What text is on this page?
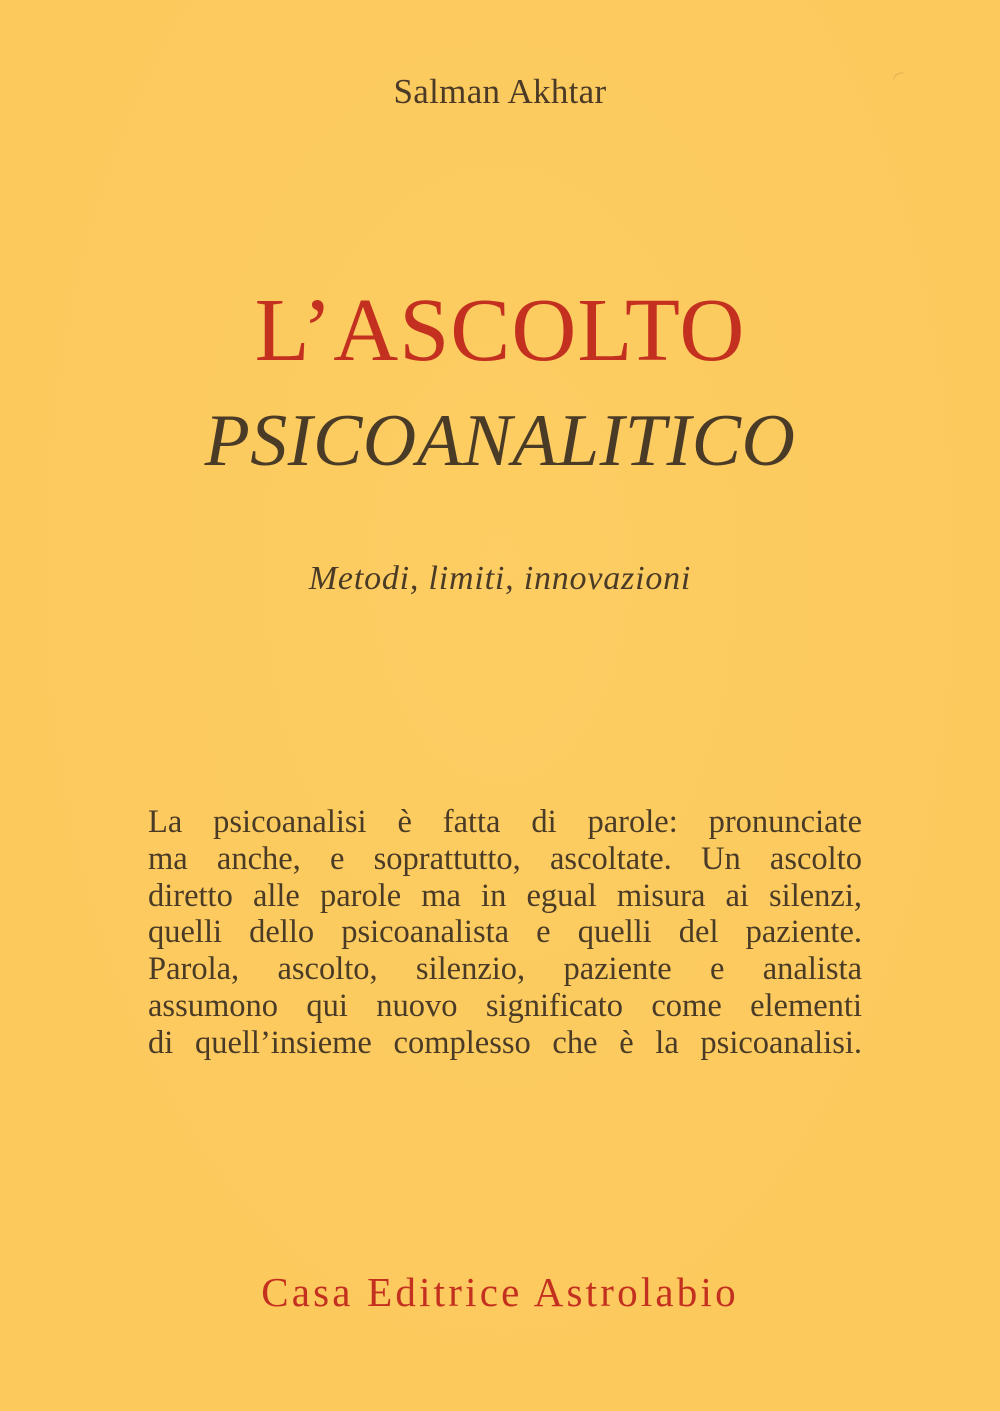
Salman Akhtar
L’ASCOLTO
PSICOANALITICO
Metodi, limiti, innovazioni
La psicoanalisi è fatta di parole: pronunciate
ma anche, e soprattutto, ascoltate. Un ascolto
diretto alle parole ma in egual misura ai silenzi,
quelli dello psicoanalista e quelli del paziente.
Parola, ascolto, silenzio, paziente e analista
assumono qui nuovo significato come elementi
di quell’insieme complesso che è la psicoanalisi.
Casa Editrice Astrolabio
